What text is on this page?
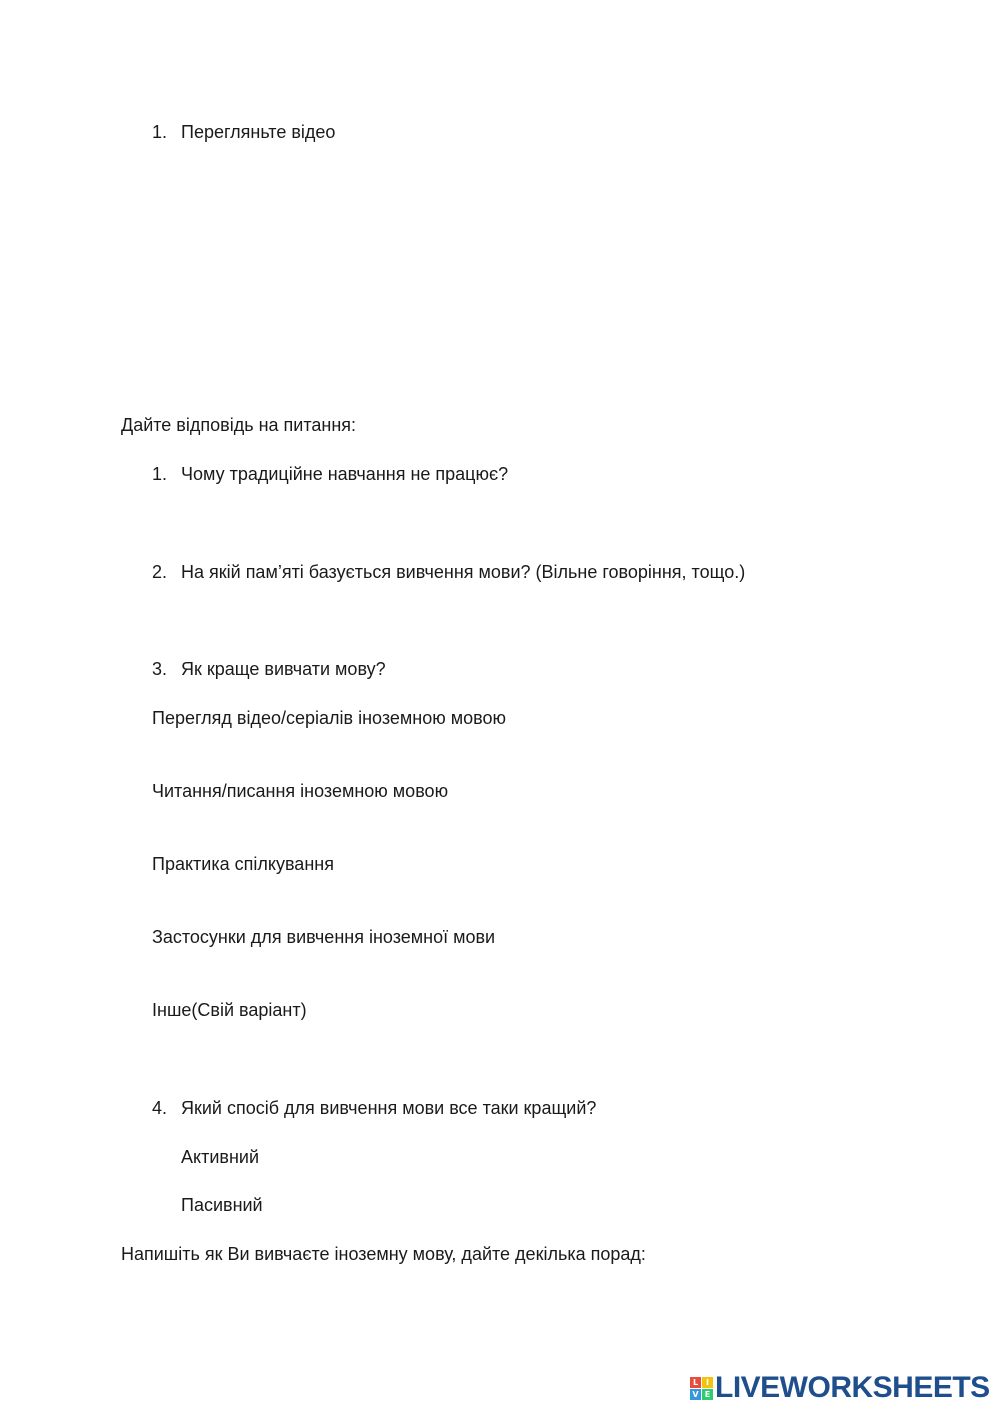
1. Перегляньте відео
Дайте відповідь на питання:
1. Чому традиційне навчання не працює?
2. На якій пам’яті базується вивчення мови? (Вільне говоріння, тощо.)
3. Як краще вивчати мову?
Перегляд відео/серіалів іноземною мовою
Читання/писання іноземною мовою
Практика спілкування
Застосунки для вивчення іноземної мови
Інше(Свій варіант)
4. Який спосіб для вивчення мови все таки кращий?
Активний
Пасивний
Напишіть як Ви вивчаєте іноземну мову, дайте декілька порад:
L I
V E LIVEWORKSHEETS
